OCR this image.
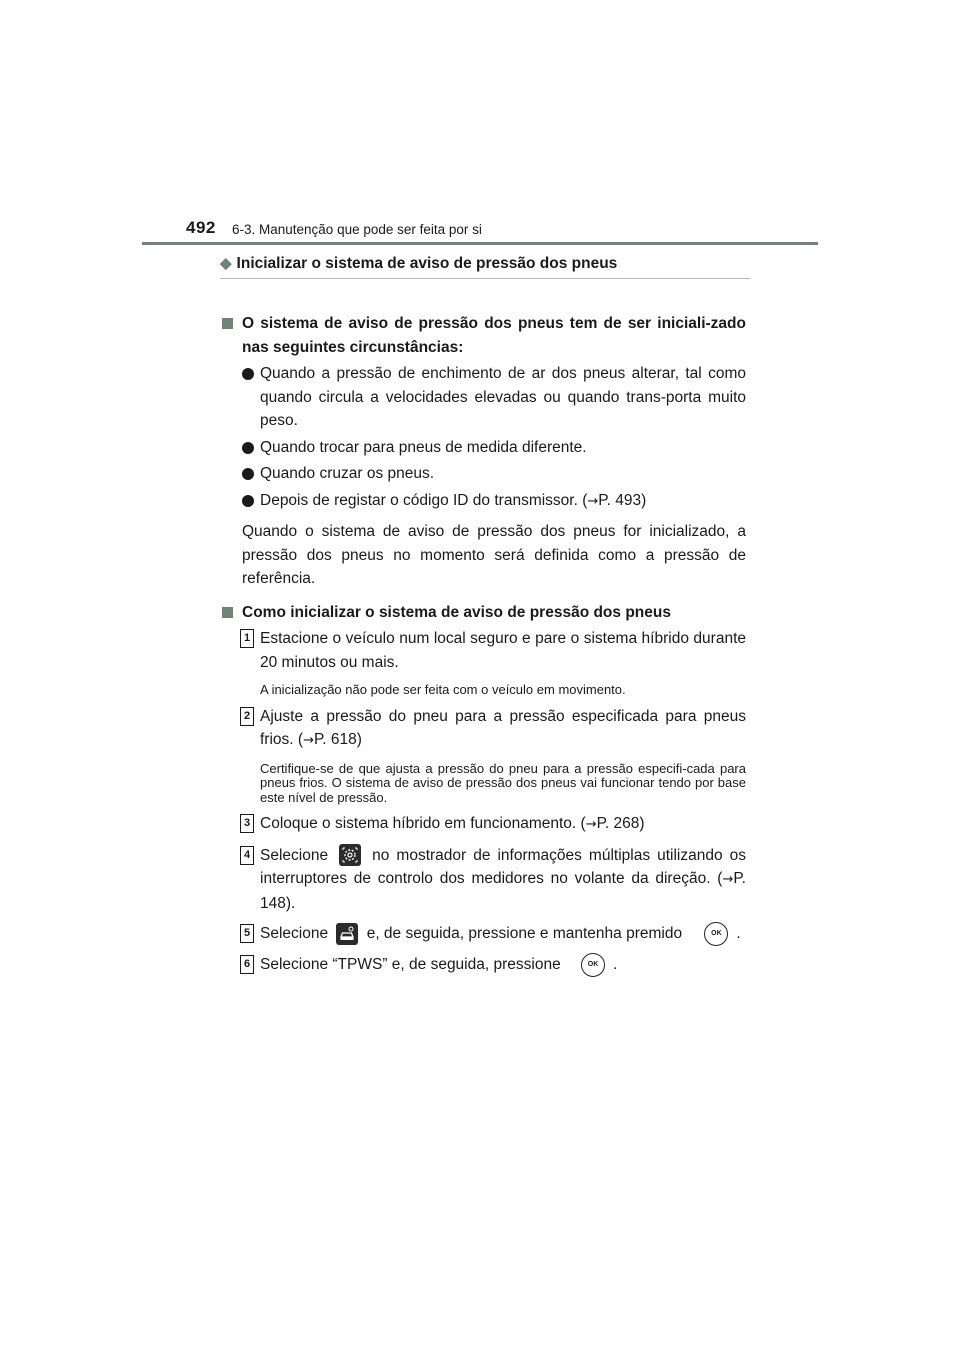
492 6-3. Manutenção que pode ser feita por si
◆ Inicializar o sistema de aviso de pressão dos pneus
O sistema de aviso de pressão dos pneus tem de ser iniciali-zado nas seguintes circunstâncias:
Quando a pressão de enchimento de ar dos pneus alterar, tal como quando circula a velocidades elevadas ou quando trans-porta muito peso.
Quando trocar para pneus de medida diferente.
Quando cruzar os pneus.
Depois de registar o código ID do transmissor. (→P. 493)
Quando o sistema de aviso de pressão dos pneus for inicializado, a pressão dos pneus no momento será definida como a pressão de referência.
Como inicializar o sistema de aviso de pressão dos pneus
1 Estacione o veículo num local seguro e pare o sistema híbrido durante 20 minutos ou mais.
A inicialização não pode ser feita com o veículo em movimento.
2 Ajuste a pressão do pneu para a pressão especificada para pneus frios. (→P. 618)
Certifique-se de que ajusta a pressão do pneu para a pressão especifi-cada para pneus frios. O sistema de aviso de pressão dos pneus vai funcionar tendo por base este nível de pressão.
3 Coloque o sistema híbrido em funcionamento. (→P. 268)
4 Selecione	no mostrador de informações múltiplas utilizando os interruptores de controlo dos medidores no volante da direção. (→P. 148).
5 Selecione e, de seguida, pressione e mantenha premido	OK .
6 Selecione “TPWS” e, de seguida, pressione	OK .
